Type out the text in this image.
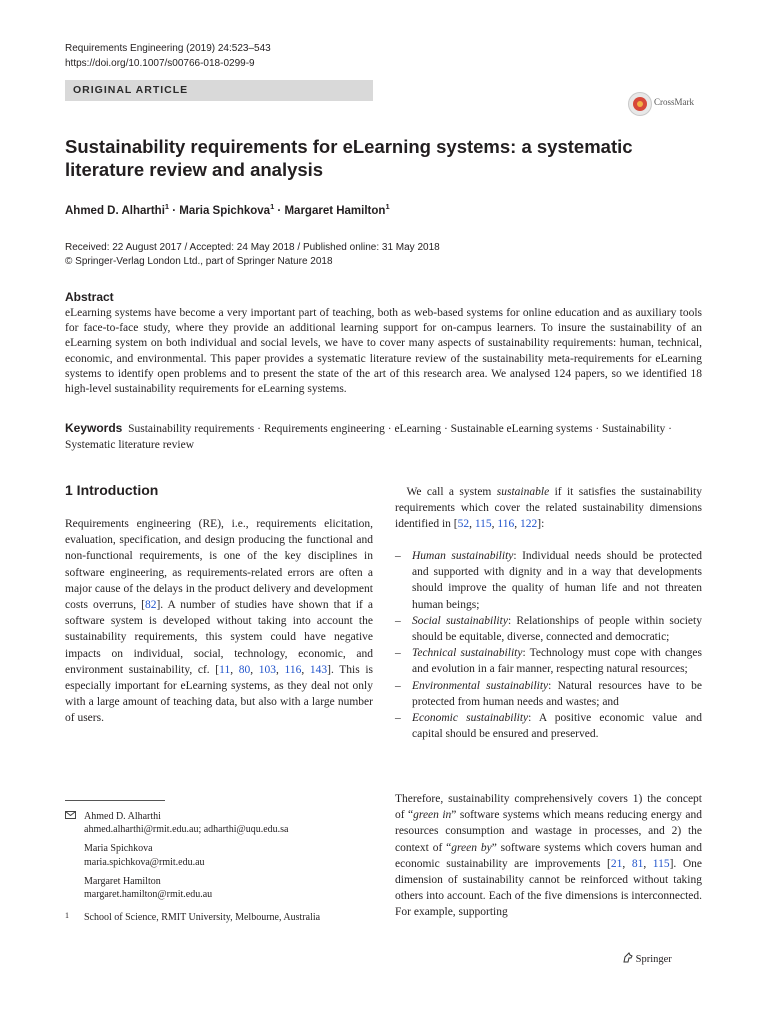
Requirements Engineering (2019) 24:523–543
https://doi.org/10.1007/s00766-018-0299-9
ORIGINAL ARTICLE
CrossMark
Sustainability requirements for eLearning systems: a systematic literature review and analysis
Ahmed D. Alharthi$^1$ · Maria Spichkova$^1$ · Margaret Hamilton$^1$
Received: 22 August 2017 / Accepted: 24 May 2018 / Published online: 31 May 2018
© Springer-Verlag London Ltd., part of Springer Nature 2018
Abstract
eLearning systems have become a very important part of teaching, both as web-based systems for online education and as auxiliary tools for face-to-face study, where they provide an additional learning support for on-campus learners. To insure the sustainability of an eLearning system on both individual and social levels, we have to cover many aspects of sustainability requirements: human, technical, economic, and environmental. This paper provides a systematic literature review of the sustainability meta-requirements for eLearning systems to identify open problems and to present the state of the art of this research area. We analysed 124 papers, so we identified 18 high-level sustainability requirements for eLearning systems.
Keywords Sustainability requirements · Requirements engineering · eLearning · Sustainable eLearning systems · Sustainability · Systematic literature review
1 Introduction
Requirements engineering (RE), i.e., requirements elicitation, evaluation, specification, and design producing the functional and non-functional requirements, is one of the key disciplines in software engineering, as requirements-related errors are often a major cause of the delays in the product delivery and development costs overruns, [82]. A number of studies have shown that if a software system is developed without taking into account the sustainability requirements, this system could have negative impacts on individual, social, technology, economic, and environment sustainability, cf. [11, 80, 103, 116, 143]. This is especially important for eLearning systems, as they deal not only with a large amount of teaching data, but also with a large number of users.
 We call a system sustainable if it satisfies the sustainability requirements which cover the related sustainability dimensions identified in [52, 115, 116, 122]:
– Human sustainability: Individual needs should be protected and supported with dignity and in a way that developments should improve the quality of human life and not threaten human beings;
– Social sustainability: Relationships of people within society should be equitable, diverse, connected and democratic;
– Technical sustainability: Technology must cope with changes and evolution in a fair manner, respecting natural resources;
– Environmental sustainability: Natural resources have to be protected from human needs and wastes; and
– Economic sustainability: A positive economic value and capital should be ensured and preserved.
Therefore, sustainability comprehensively covers 1) the concept of “green in” software systems which means reducing energy and resources consumption and wastage in processes, and 2) the context of “green by” software systems which covers human and economic sustainability are improvements [21, 81, 115]. One dimension of sustainability cannot be reinforced without taking others into account. Each of the five dimensions is interconnected. For example, supporting
Ahmed D. Alharthi
ahmed.alharthi@rmit.edu.au; adharthi@uqu.edu.sa
Maria Spichkova
maria.spichkova@rmit.edu.au
Margaret Hamilton
margaret.hamilton@rmit.edu.au
1 School of Science, RMIT University, Melbourne, Australia
Springer
